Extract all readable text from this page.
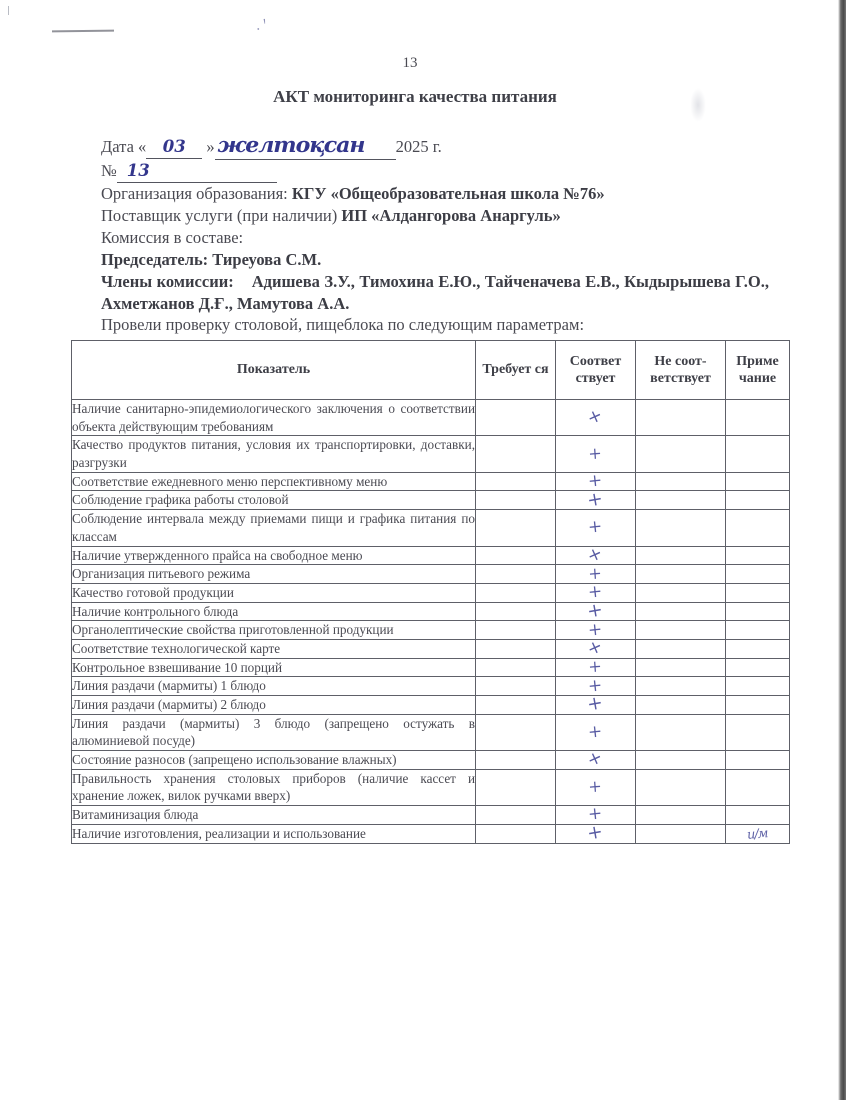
.ꞌ
13
АКТ мониторинга качества питания
Дата « 03 » желтоқсан 2025 г.
№ 13
Организация образования: КГУ «Общеобразовательная школа №76»
Поставщик услуги (при наличии) ИП «Алдангорова Анаргуль»
Комиссия в составе:
Председатель: Тиреуова С.М.
Члены комиссии: Адишева З.У., Тимохина Е.Ю., Тайченачева Е.В., Кыдырышева Г.О., Ахметжанов Д.Ғ., Мамутова А.А.
Провели проверку столовой, пищеблока по следующим параметрам:
Показатель	Требует ся	Соответ ствует	Не соот- ветствует	Приме чание
Наличие санитарно-эпидемиологического заключения о соответствии объекта действующим требованиям		+		
Качество продуктов питания, условия их транспортировки, доставки, разгрузки		+		
Соответствие ежедневного меню перспективному меню		+		
Соблюдение графика работы столовой		+		
Соблюдение интервала между приемами пищи и графика питания по классам		+		
Наличие утвержденного прайса на свободное меню		+		
Организация питьевого режима		+		
Качество готовой продукции		+		
Наличие контрольного блюда		+		
Органолептические свойства приготовленной продукции		+		
Соответствие технологической карте		+		
Контрольное взвешивание 10 порций		+		
Линия раздачи (мармиты) 1 блюдо		+		
Линия раздачи (мармиты) 2 блюдо		+		
Линия раздачи (мармиты) 3 блюдо (запрещено остужать в алюминиевой посуде)		+		
Состояние разносов (запрещено использование влажных)		+		
Правильность хранения столовых приборов (наличие кассет и хранение ложек, вилок ручками вверх)		+		
Витаминизация блюда		+		
Наличие изготовления, реализации и использование		+		и/м
